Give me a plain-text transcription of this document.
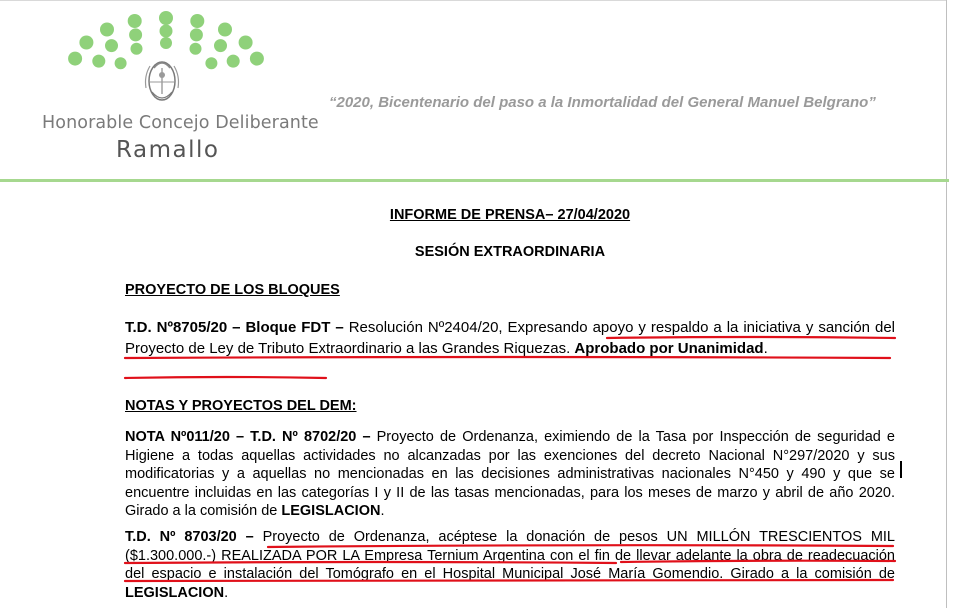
Honorable Concejo Deliberante
Ramallo
“2020, Bicentenario del paso a la Inmortalidad del General Manuel Belgrano”
INFORME DE PRENSA– 27/04/2020
SESIÓN EXTRAORDINARIA
PROYECTO DE LOS BLOQUES
T.D. Nº8705/20 – Bloque FDT – Resolución Nº2404/20, Expresando apoyo y respaldo a la iniciativa y sanción del Proyecto de Ley de Tributo Extraordinario a las Grandes Riquezas. Aprobado por Unanimidad.
NOTAS Y PROYECTOS DEL DEM:
NOTA Nº011/20 – T.D. Nº 8702/20 – Proyecto de Ordenanza, eximiendo de la Tasa por Inspección de seguridad e Higiene a todas aquellas actividades no alcanzadas por las exenciones del decreto Nacional N°297/2020 y sus modificatorias y a aquellas no mencionadas en las decisiones administrativas nacionales N°450 y 490 y que se encuentre incluidas en las categorías I y II de las tasas mencionadas, para los meses de marzo y abril de año 2020. Girado a la comisión de LEGISLACION.
T.D. Nº 8703/20 – Proyecto de Ordenanza, acéptese la donación de pesos UN MILLÓN TRESCIENTOS MIL ($1.300.000.-) REALIZADA POR LA Empresa Ternium Argentina con el fin de llevar adelante la obra de readecuación del espacio e instalación del Tomógrafo en el Hospital Municipal José María Gomendio. Girado a la comisión de LEGISLACION.
